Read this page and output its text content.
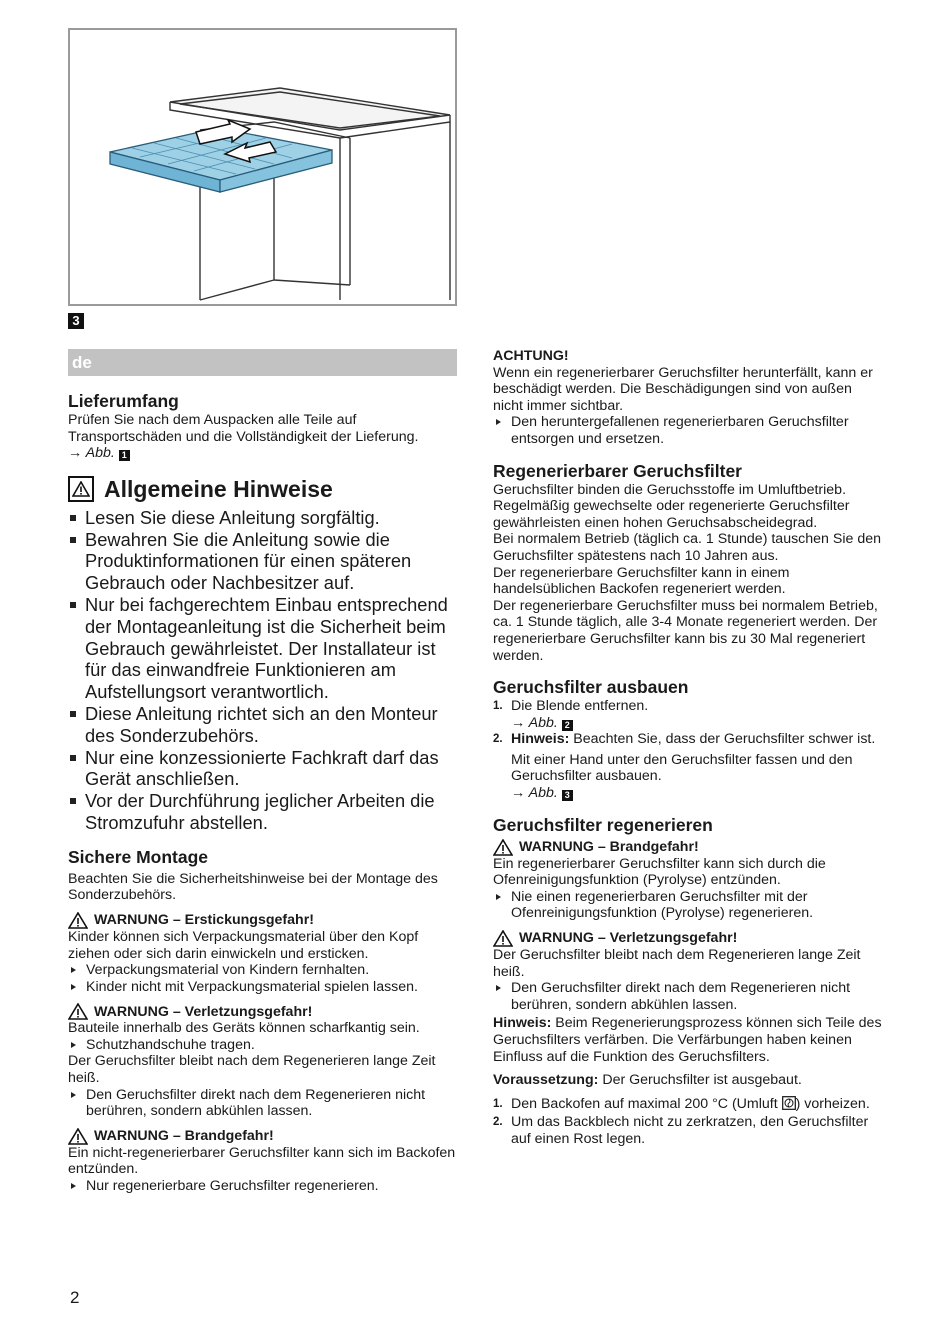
3
de
Lieferumfang

Prüfen Sie nach dem Auspacken alle Teile auf Transportschäden und die Vollständigkeit der Lieferung.

→ Abb. 1

Allgemeine Hinweise
Lesen Sie diese Anleitung sorgfältig.
Bewahren Sie die Anleitung sowie die Produktinformationen für einen späteren Gebrauch oder Nachbesitzer auf.
Nur bei fachgerechtem Einbau entsprechend der Montageanleitung ist die Sicherheit beim Gebrauch gewährleistet. Der Installateur ist für das einwandfreie Funktionieren am Aufstellungsort verantwortlich.
Diese Anleitung richtet sich an den Monteur des Sonderzubehörs.
Nur eine konzessionierte Fachkraft darf das Gerät anschließen.
Vor der Durchführung jeglicher Arbeiten die Stromzufuhr abstellen.
Sichere Montage

Beachten Sie die Sicherheitshinweise bei der Montage des Sonderzubehörs.

WARNUNG – Erstickungsgefahr!

Kinder können sich Verpackungsmaterial über den Kopf ziehen oder sich darin einwickeln und ersticken.

Verpackungsmaterial von Kindern fernhalten.
Kinder nicht mit Verpackungsmaterial spielen lassen.
WARNUNG – Verletzungsgefahr!

Bauteile innerhalb des Geräts können scharfkantig sein.

Schutzhandschuhe tragen.

Der Geruchsfilter bleibt nach dem Regenerieren lange Zeit heiß.

Den Geruchsfilter direkt nach dem Regenerieren nicht berühren, sondern abkühlen lassen.
WARNUNG – Brandgefahr!

Ein nicht-regenerierbarer Geruchsfilter kann sich im Backofen entzünden.

Nur regenerierbare Geruchsfilter regenerieren.

ACHTUNG!

Wenn ein regenerierbarer Geruchsfilter herunterfällt, kann er beschädigt werden. Die Beschädigungen sind von außen nicht immer sichtbar.

Den heruntergefallenen regenerierbaren Geruchsfilter entsorgen und ersetzen.
Regenerierbarer Geruchsfilter

Geruchsfilter binden die Geruchsstoffe im Umluftbetrieb. Regelmäßig gewechselte oder regenerierte Geruchsfilter gewährleisten einen hohen Geruchsabscheidegrad.

Bei normalem Betrieb (täglich ca. 1 Stunde) tauschen Sie den Geruchsfilter spätestens nach 10 Jahren aus.

Der regenerierbare Geruchsfilter kann in einem handelsüblichen Backofen regeneriert werden.

Der regenerierbare Geruchsfilter muss bei normalem Betrieb, ca. 1 Stunde täglich, alle 3-4 Monate regeneriert werden. Der regenerierbare Geruchsfilter kann bis zu 30 Mal regeneriert werden.

Geruchsfilter ausbauen
1. Die Blende entfernen.
→ Abb. 2
2. Hinweis: Beachten Sie, dass der Geruchsfilter schwer ist.

Mit einer Hand unter den Geruchsfilter fassen und den Geruchsfilter ausbauen.

→ Abb. 3
Geruchsfilter regenerieren
WARNUNG – Brandgefahr!

Ein regenerierbarer Geruchsfilter kann sich durch die Ofenreinigungsfunktion (Pyrolyse) entzünden.

Nie einen regenerierbaren Geruchsfilter mit der Ofenreinigungsfunktion (Pyrolyse) regenerieren.
WARNUNG – Verletzungsgefahr!

Der Geruchsfilter bleibt nach dem Regenerieren lange Zeit heiß.

Den Geruchsfilter direkt nach dem Regenerieren nicht berühren, sondern abkühlen lassen.

Hinweis: Beim Regenerierungsprozess können sich Teile des Geruchsfilters verfärben. Die Verfärbungen haben keinen Einfluss auf die Funktion des Geruchsfilters.

Voraussetzung: Der Geruchsfilter ist ausgebaut.

1. Den Backofen auf maximal 200 °C (Umluft ) vorheizen.
2. Um das Backblech nicht zu zerkratzen, den Geruchsfilter auf einen Rost legen.
2
